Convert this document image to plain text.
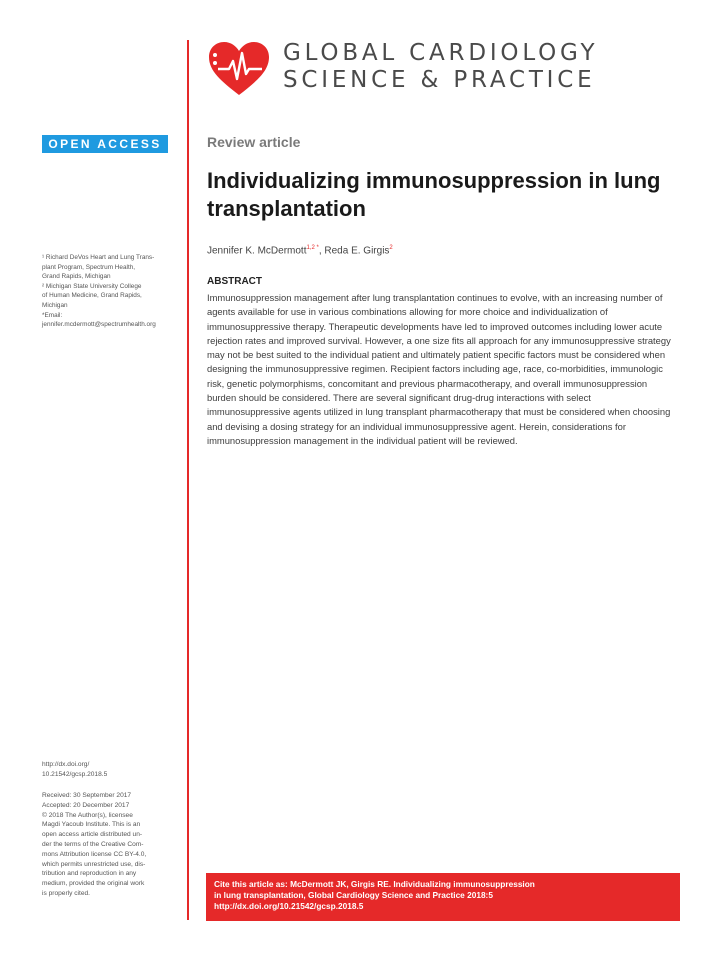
GLOBAL CARDIOLOGY
SCIENCE & PRACTICE
OPEN ACCESS	Review article
Individualizing immunosuppression in lung transplantation
Jennifer K. McDermott$^{1,2 *}$, Reda E. Girgis$^2$
¹ Richard DeVos Heart and Lung Trans-
plant Program, Spectrum Health,
Grand Rapids, Michigan
² Michigan State University College
of Human Medicine, Grand Rapids,
Michigan
*Email:
jennifer.mcdermott@spectrumhealth.org
ABSTRACT
Immunosuppression management after lung transplantation continues to evolve, with an increasing number of agents available for use in various combinations allowing for more choice and individualization of immunosuppressive therapy. Therapeutic developments have led to improved outcomes including lower acute rejection rates and improved survival. However, a one size fits all approach for any immunosuppressive strategy may not be best suited to the individual patient and ultimately patient specific factors must be considered when designing the immunosuppressive regimen. Recipient factors including age, race, co-morbidities, immunologic risk, genetic polymorphisms, concomitant and previous pharmacotherapy, and overall immunosuppression burden should be considered. There are several significant drug-drug interactions with select immunosuppressive agents utilized in lung transplant pharmacotherapy that must be considered when choosing and devising a dosing strategy for an individual immunosuppressive agent. Herein, considerations for immunosuppression management in the individual patient will be reviewed.
http://dx.doi.org/
10.21542/gcsp.2018.5
Received: 30 September 2017
Accepted: 20 December 2017
© 2018 The Author(s), licensee
Magdi Yacoub Institute. This is an
open access article distributed un-
der the terms of the Creative Com-
mons Attribution license CC BY-4.0,
which permits unrestricted use, dis-
tribution and reproduction in any
medium, provided the original work
is properly cited.
Cite this article as: McDermott JK, Girgis RE. Individualizing immunosuppression
in lung transplantation, Global Cardiology Science and Practice 2018:5
http://dx.doi.org/10.21542/gcsp.2018.5
